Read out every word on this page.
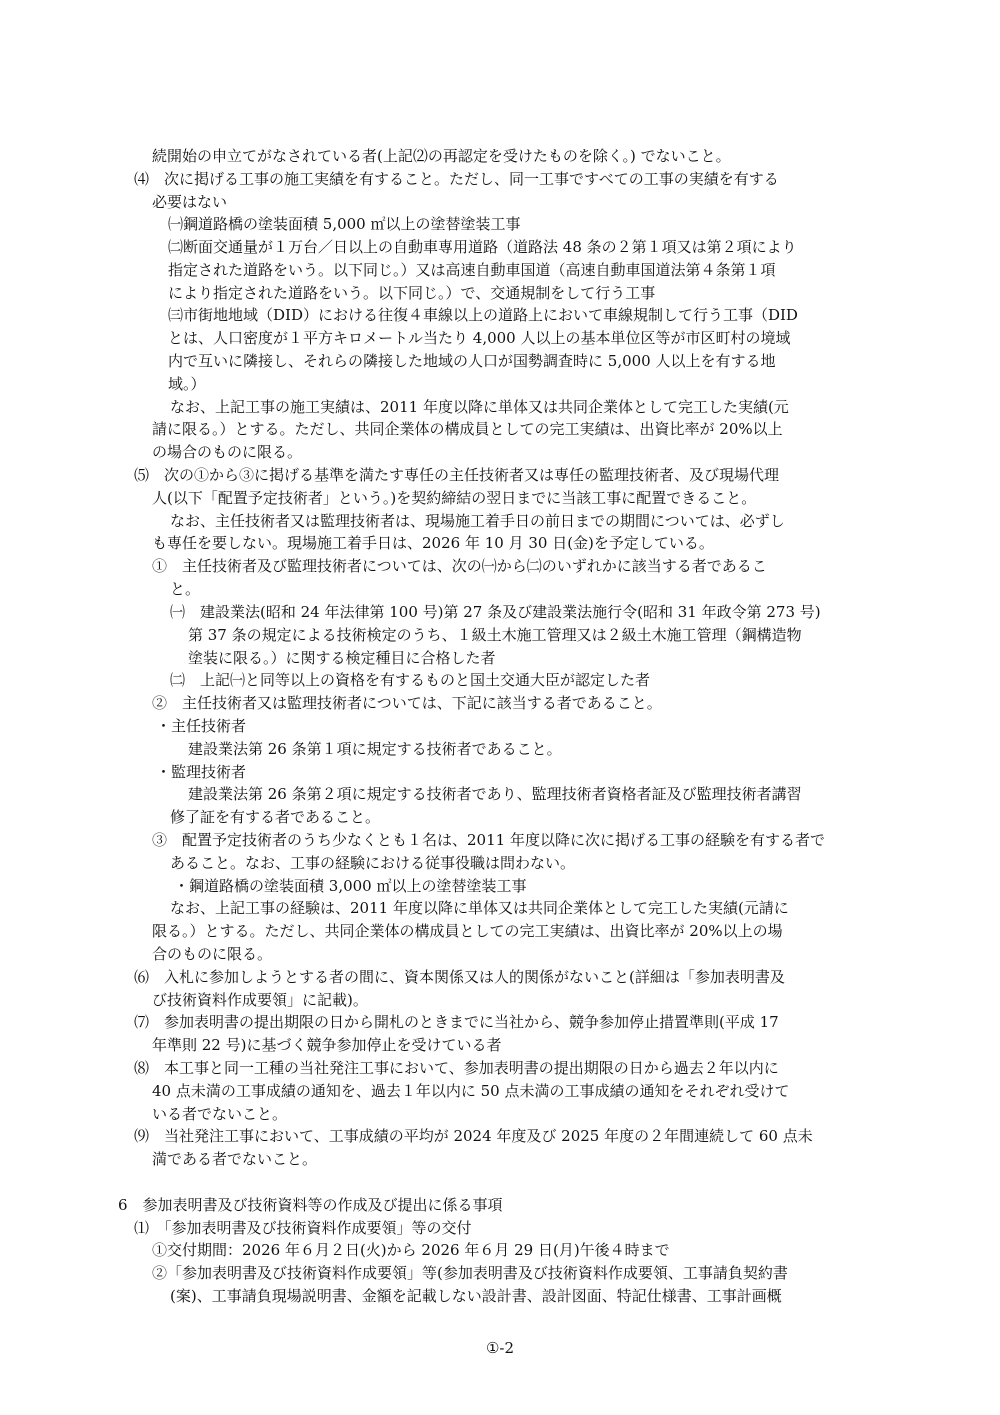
続開始の申立てがなされている者(上記⑵の再認定を受けたものを除く。) でないこと。
⑷　次に掲げる工事の施工実績を有すること。ただし、同一工事ですべての工事の実績を有する
必要はない
㈠鋼道路橋の塗装面積 5,000 ㎡以上の塗替塗装工事
㈡断面交通量が１万台／日以上の自動車専用道路（道路法 48 条の２第１項又は第２項により
指定された道路をいう。以下同じ。）又は高速自動車国道（高速自動車国道法第４条第１項
により指定された道路をいう。以下同じ。）で、交通規制をして行う工事
㈢市街地地域（DID）における往復４車線以上の道路上において車線規制して行う工事（DID
とは、人口密度が１平方キロメートル当たり 4,000 人以上の基本単位区等が市区町村の境域
内で互いに隣接し、それらの隣接した地域の人口が国勢調査時に 5,000 人以上を有する地
域。）
なお、上記工事の施工実績は、2011 年度以降に単体又は共同企業体として完工した実績(元
請に限る。）とする。ただし、共同企業体の構成員としての完工実績は、出資比率が 20%以上
の場合のものに限る。
⑸　次の①から③に掲げる基準を満たす専任の主任技術者又は専任の監理技術者、及び現場代理
人(以下「配置予定技術者」という。)を契約締結の翌日までに当該工事に配置できること。
なお、主任技術者又は監理技術者は、現場施工着手日の前日までの期間については、必ずし
も専任を要しない。現場施工着手日は、2026 年 10 月 30 日(金)を予定している。
①　主任技術者及び監理技術者については、次の㈠から㈡のいずれかに該当する者であるこ
と。
㈠　建設業法(昭和 24 年法律第 100 号)第 27 条及び建設業法施行令(昭和 31 年政令第 273 号)
第 37 条の規定による技術検定のうち、１級土木施工管理又は２級土木施工管理（鋼構造物
塗装に限る。）に関する検定種目に合格した者
㈡　上記㈠と同等以上の資格を有するものと国土交通大臣が認定した者
②　主任技術者又は監理技術者については、下記に該当する者であること。
・主任技術者
建設業法第 26 条第１項に規定する技術者であること。
・監理技術者
建設業法第 26 条第２項に規定する技術者であり、監理技術者資格者証及び監理技術者講習
修了証を有する者であること。
③　配置予定技術者のうち少なくとも１名は、2011 年度以降に次に掲げる工事の経験を有する者で
あること。なお、工事の経験における従事役職は問わない。
・鋼道路橋の塗装面積 3,000 ㎡以上の塗替塗装工事
なお、上記工事の経験は、2011 年度以降に単体又は共同企業体として完工した実績(元請に
限る。）とする。ただし、共同企業体の構成員としての完工実績は、出資比率が 20%以上の場
合のものに限る。
⑹　入札に参加しようとする者の間に、資本関係又は人的関係がないこと(詳細は「参加表明書及
び技術資料作成要領」に記載)。
⑺　参加表明書の提出期限の日から開札のときまでに当社から、競争参加停止措置準則(平成 17
年準則 22 号)に基づく競争参加停止を受けている者
⑻　本工事と同一工種の当社発注工事において、参加表明書の提出期限の日から過去２年以内に
40 点未満の工事成績の通知を、過去１年以内に 50 点未満の工事成績の通知をそれぞれ受けて
いる者でないこと。
⑼　当社発注工事において、工事成績の平均が 2024 年度及び 2025 年度の２年間連続して 60 点未
満である者でないこと。
6　参加表明書及び技術資料等の作成及び提出に係る事項
⑴　「参加表明書及び技術資料作成要領」等の交付
①交付期間：2026 年６月２日(火)から 2026 年６月 29 日(月)午後４時まで
②「参加表明書及び技術資料作成要領」等(参加表明書及び技術資料作成要領、工事請負契約書
(案)、工事請負現場説明書、金額を記載しない設計書、設計図面、特記仕様書、工事計画概
①-2
